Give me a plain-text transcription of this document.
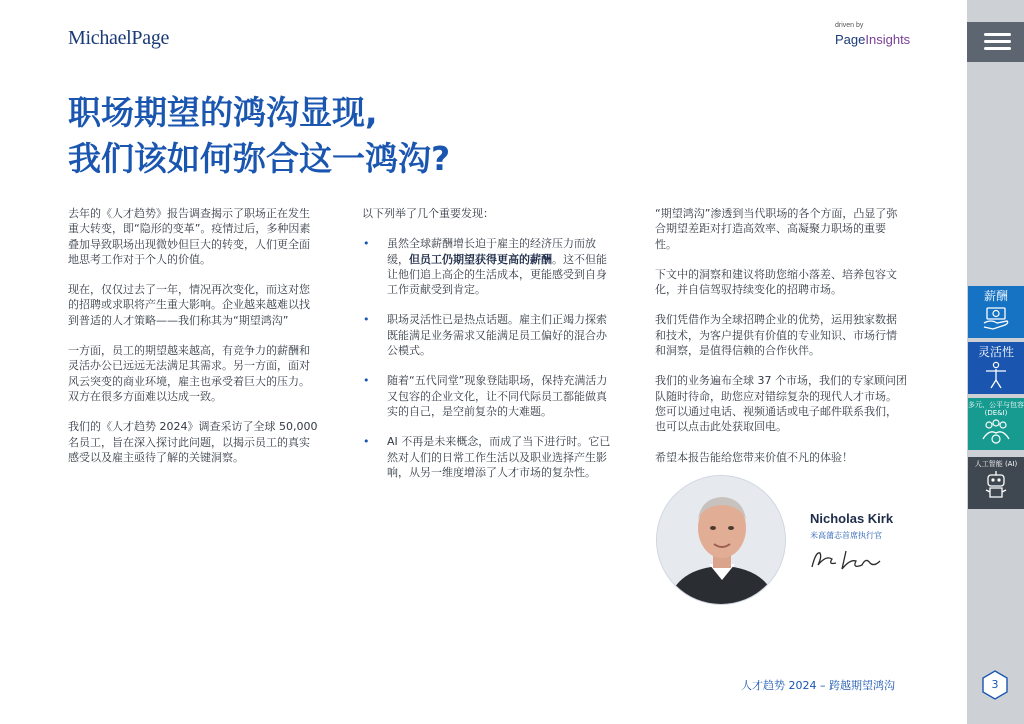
MichaelPage
driven by
PageInsights
职场期望的鸿沟显现,
我们该如何弥合这一鸿沟?

去年的《人才趋势》报告调查揭示了职场正在发生重大转变，即“隐形的变革”。疫情过后，多种因素叠加导致职场出现微妙但巨大的转变，人们更全面地思考工作对于个人的价值。

现在，仅仅过去了一年，情况再次变化，而这对您的招聘或求职将产生重大影响。企业越来越难以找到普适的人才策略——我们称其为“期望鸿沟”

一方面，员工的期望越来越高，有竞争力的薪酬和灵活办公已远远无法满足其需求。另一方面，面对风云突变的商业环境，雇主也承受着巨大的压力。双方在很多方面难以达成一致。

我们的《人才趋势 2024》调查采访了全球 50,000 名员工，旨在深入探讨此问题，以揭示员工的真实感受以及雇主亟待了解的关键洞察。

以下列举了几个重要发现：
• 虽然全球薪酬增长迫于雇主的经济压力而放缓，但员工仍期望获得更高的薪酬。这不但能让他们追上高企的生活成本，更能感受到自身工作贡献受到肯定。
• 职场灵活性已是热点话题。雇主们正竭力探索既能满足业务需求又能满足员工偏好的混合办公模式。
• 随着“五代同堂”现象登陆职场，保持充满活力又包容的企业文化，让不同代际员工都能做真实的自己，是空前复杂的大难题。
• AI 不再是未来概念，而成了当下进行时。它已然对人们的日常工作生活以及职业选择产生影响，从另一维度增添了人才市场的复杂性。

“期望鸿沟”渗透到当代职场的各个方面，凸显了弥合期望差距对打造高效率、高凝聚力职场的重要性。

下文中的洞察和建议将助您缩小落差、培养包容文化，并自信驾驭持续变化的招聘市场。

我们凭借作为全球招聘企业的优势，运用独家数据和技术，为客户提供有价值的专业知识、市场行情和洞察，是值得信赖的合作伙伴。

我们的业务遍布全球 37 个市场，我们的专家顾问团队随时待命，助您应对错综复杂的现代人才市场。您可以通过电话、视频通话或电子邮件联系我们，也可以点击此处获取回电。

希望本报告能给您带来价值不凡的体验！

Nicholas Kirk
米高蒲志首席执行官
人才趋势 2024 – 跨越期望鸿沟
薪酬
灵活性
多元、公平与包容 (DE&I)
人工智能 (AI)
3
